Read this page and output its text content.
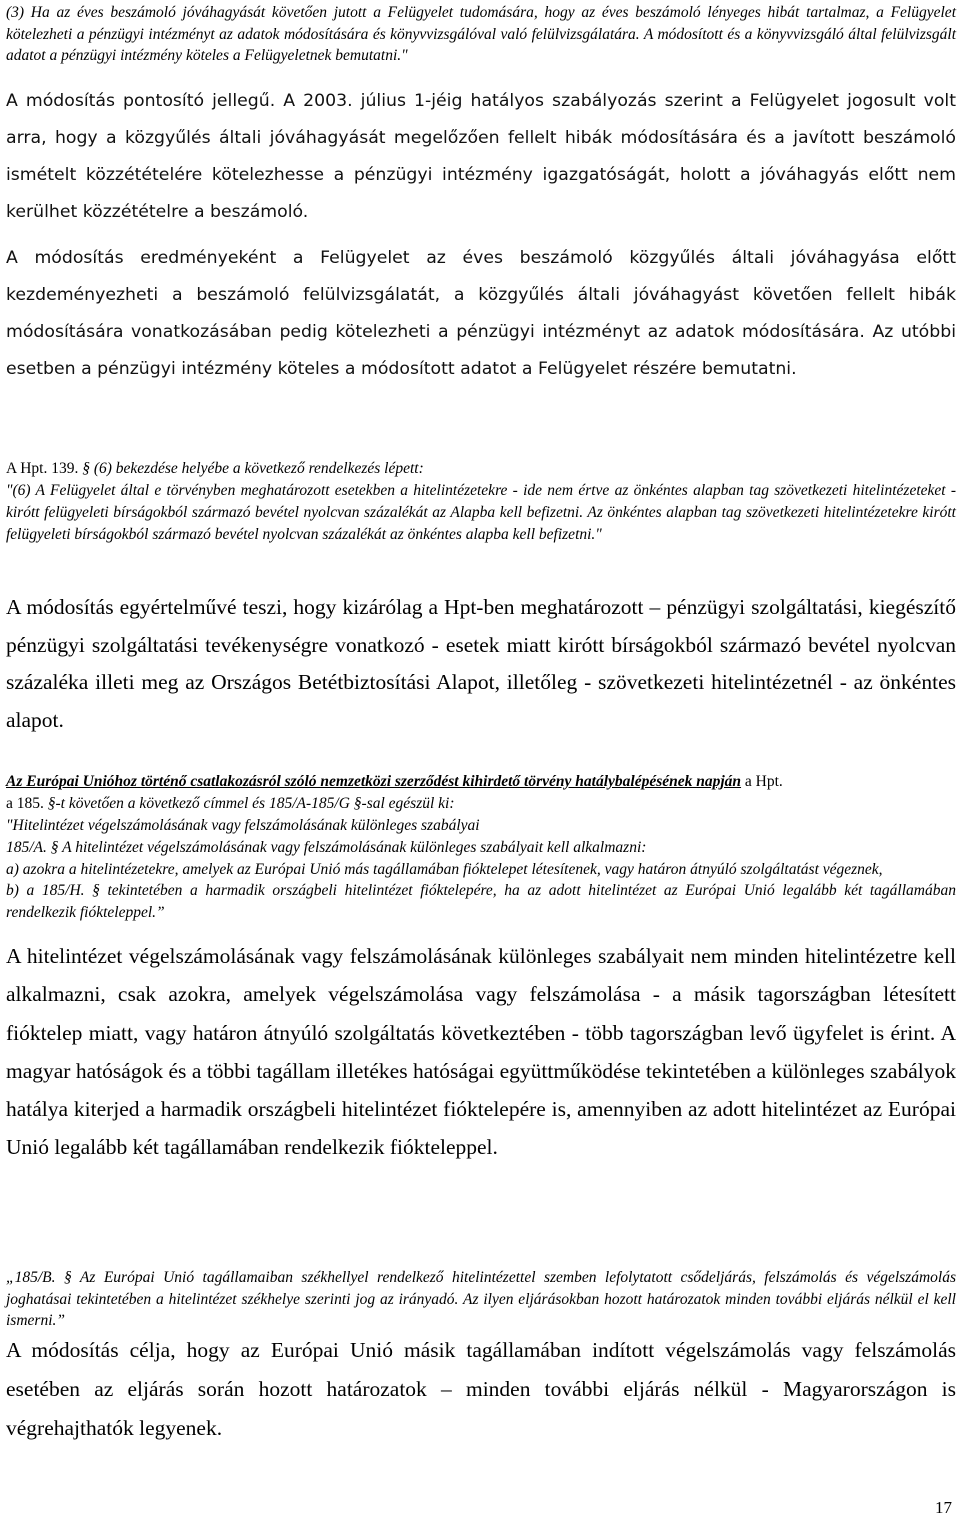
(3) Ha az éves beszámoló jóváhagyását követően jutott a Felügyelet tudomására, hogy az éves beszámoló lényeges hibát tartalmaz, a Felügyelet kötelezheti a pénzügyi intézményt az adatok módosítására és könyvvizsgálóval való felülvizsgálatára. A módosított és a könyvvizsgáló által felülvizsgált adatot a pénzügyi intézmény köteles a Felügyeletnek bemutatni."

A módosítás pontosító jellegű. A 2003. július 1-jéig hatályos szabályozás szerint a Felügyelet jogosult volt arra, hogy a közgyűlés általi jóváhagyását megelőzően fellelt hibák módosítására és a javított beszámoló ismételt közzétételére kötelezhesse a pénzügyi intézmény igazgatóságát, holott a jóváhagyás előtt nem kerülhet közzétételre a beszámoló.

A módosítás eredményeként a Felügyelet az éves beszámoló közgyűlés általi jóváhagyása előtt kezdeményezheti a beszámoló felülvizsgálatát, a közgyűlés általi jóváhagyást követően fellelt hibák módosítására vonatkozásában pedig kötelezheti a pénzügyi intézményt az adatok módosítására. Az utóbbi esetben a pénzügyi intézmény köteles a módosított adatot a Felügyelet részére bemutatni.

A Hpt. 139. § (6) bekezdése helyébe a következő rendelkezés lépett:
"(6) A Felügyelet által e törvényben meghatározott esetekben a hitelintézetekre - ide nem értve az önkéntes alapban tag szövetkezeti hitelintézeteket - kirótt felügyeleti bírságokból származó bevétel nyolcvan százalékát az Alapba kell befizetni. Az önkéntes alapban tag szövetkezeti hitelintézetekre kirótt felügyeleti bírságokból származó bevétel nyolcvan százalékát az önkéntes alapba kell befizetni."

A módosítás egyértelművé teszi, hogy kizárólag a Hpt-ben meghatározott – pénzügyi szolgáltatási, kiegészítő pénzügyi szolgáltatási tevékenységre vonatkozó - esetek miatt kirótt bírságokból származó bevétel nyolcvan százaléka illeti meg az Országos Betétbiztosítási Alapot, illetőleg - szövetkezeti hitelintézetnél - az önkéntes alapot.

Az Európai Unióhoz történő csatlakozásról szóló nemzetközi szerződést kihirdető törvény hatálybalépésének napján a Hpt.
a 185. §-t követően a következő címmel és 185/A-185/G §-sal egészül ki:
"Hitelintézet végelszámolásának vagy felszámolásának különleges szabályai
185/A. § A hitelintézet végelszámolásának vagy felszámolásának különleges szabályait kell alkalmazni:
a) azokra a hitelintézetekre, amelyek az Európai Unió más tagállamában fióktelepet létesítenek, vagy határon átnyúló szolgáltatást végeznek,
b) a 185/H. § tekintetében a harmadik országbeli hitelintézet fióktelepére, ha az adott hitelintézet az Európai Unió legalább két tagállamában rendelkezik fiókteleppel.”

A hitelintézet végelszámolásának vagy felszámolásának különleges szabályait nem minden hitelintézetre kell alkalmazni, csak azokra, amelyek végelszámolása vagy felszámolása - a másik tagországban létesített fióktelep miatt, vagy határon átnyúló szolgáltatás következtében - több tagországban levő ügyfelet is érint. A magyar hatóságok és a többi tagállam illetékes hatóságai együttműködése tekintetében a különleges szabályok hatálya kiterjed a harmadik országbeli hitelintézet fióktelepére is, amennyiben az adott hitelintézet az Európai Unió legalább két tagállamában rendelkezik fiókteleppel.

„185/B. § Az Európai Unió tagállamaiban székhellyel rendelkező hitelintézettel szemben lefolytatott csődeljárás, felszámolás és végelszámolás joghatásai tekintetében a hitelintézet székhelye szerinti jog az irányadó. Az ilyen eljárásokban hozott határozatok minden további eljárás nélkül el kell ismerni.”

A módosítás célja, hogy az Európai Unió másik tagállamában indított végelszámolás vagy felszámolás esetében az eljárás során hozott határozatok – minden további eljárás nélkül - Magyarországon is végrehajthatók legyenek.

17
